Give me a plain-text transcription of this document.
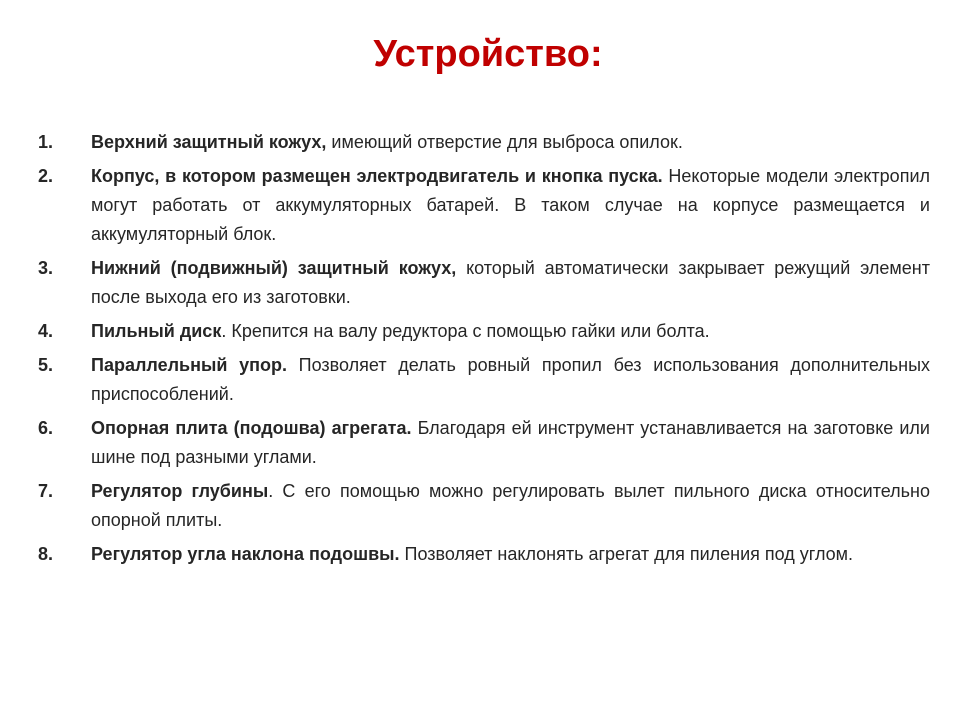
Устройство:
1.	Верхний защитный кожух, имеющий отверстие для выброса опилок.
2.	Корпус, в котором размещен электродвигатель и кнопка пуска. Некоторые модели электропил могут работать от аккумуляторных батарей. В таком случае на корпусе размещается и аккумуляторный блок.
3.	Нижний (подвижный) защитный кожух, который автоматически закрывает режущий элемент после выхода его из заготовки.
4.	Пильный диск. Крепится на валу редуктора с помощью гайки или болта.
5.	Параллельный упор. Позволяет делать ровный пропил без использования дополнительных приспособлений.
6.	Опорная плита (подошва) агрегата. Благодаря ей инструмент устанавливается на заготовке или шине под разными углами.
7.	Регулятор глубины. С его помощью можно регулировать вылет пильного диска относительно опорной плиты.
8.	Регулятор угла наклона подошвы. Позволяет наклонять агрегат для пиления под углом.
